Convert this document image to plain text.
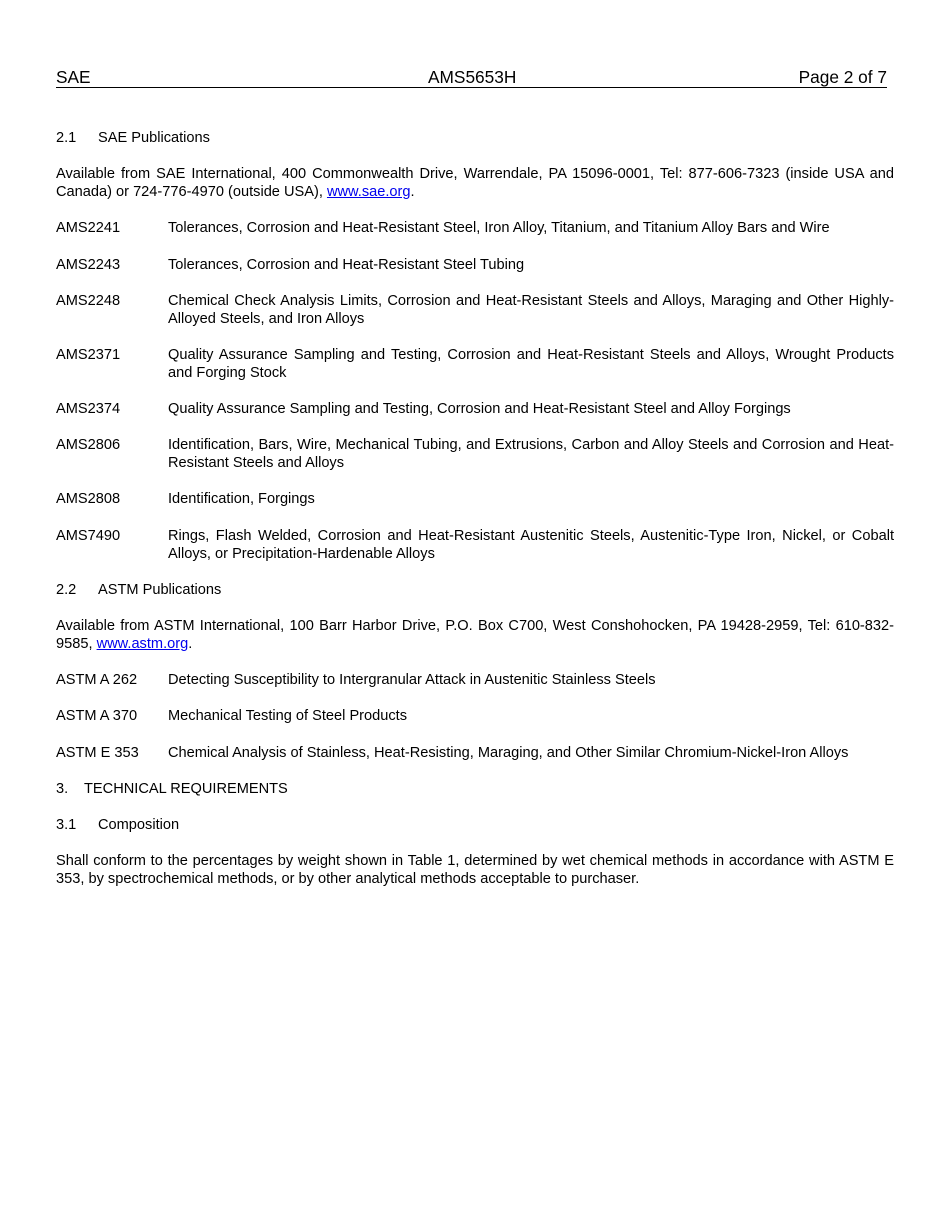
SAE	AMS5653H	Page 2 of 7
2.1 SAE Publications
Available from SAE International, 400 Commonwealth Drive, Warrendale, PA 15096-0001, Tel: 877-606-7323 (inside USA and Canada) or 724-776-4970 (outside USA), www.sae.org.
AMS2241	Tolerances, Corrosion and Heat-Resistant Steel, Iron Alloy, Titanium, and Titanium Alloy Bars and Wire
AMS2243	Tolerances, Corrosion and Heat-Resistant Steel Tubing
AMS2248	Chemical Check Analysis Limits, Corrosion and Heat-Resistant Steels and Alloys, Maraging and Other Highly-Alloyed Steels, and Iron Alloys
AMS2371	Quality Assurance Sampling and Testing, Corrosion and Heat-Resistant Steels and Alloys, Wrought Products and Forging Stock
AMS2374	Quality Assurance Sampling and Testing, Corrosion and Heat-Resistant Steel and Alloy Forgings
AMS2806	Identification, Bars, Wire, Mechanical Tubing, and Extrusions, Carbon and Alloy Steels and Corrosion and Heat-Resistant Steels and Alloys
AMS2808	Identification, Forgings
AMS7490	Rings, Flash Welded, Corrosion and Heat-Resistant Austenitic Steels, Austenitic-Type Iron, Nickel, or Cobalt Alloys, or Precipitation-Hardenable Alloys
2.2 ASTM Publications
Available from ASTM International, 100 Barr Harbor Drive, P.O. Box C700, West Conshohocken, PA 19428-2959, Tel: 610-832-9585, www.astm.org.
ASTM A 262 Detecting Susceptibility to Intergranular Attack in Austenitic Stainless Steels
ASTM A 370 Mechanical Testing of Steel Products
ASTM E 353 Chemical Analysis of Stainless, Heat-Resisting, Maraging, and Other Similar Chromium-Nickel-Iron Alloys
3. TECHNICAL REQUIREMENTS
3.1 Composition
Shall conform to the percentages by weight shown in Table 1, determined by wet chemical methods in accordance with ASTM E 353, by spectrochemical methods, or by other analytical methods acceptable to purchaser.
